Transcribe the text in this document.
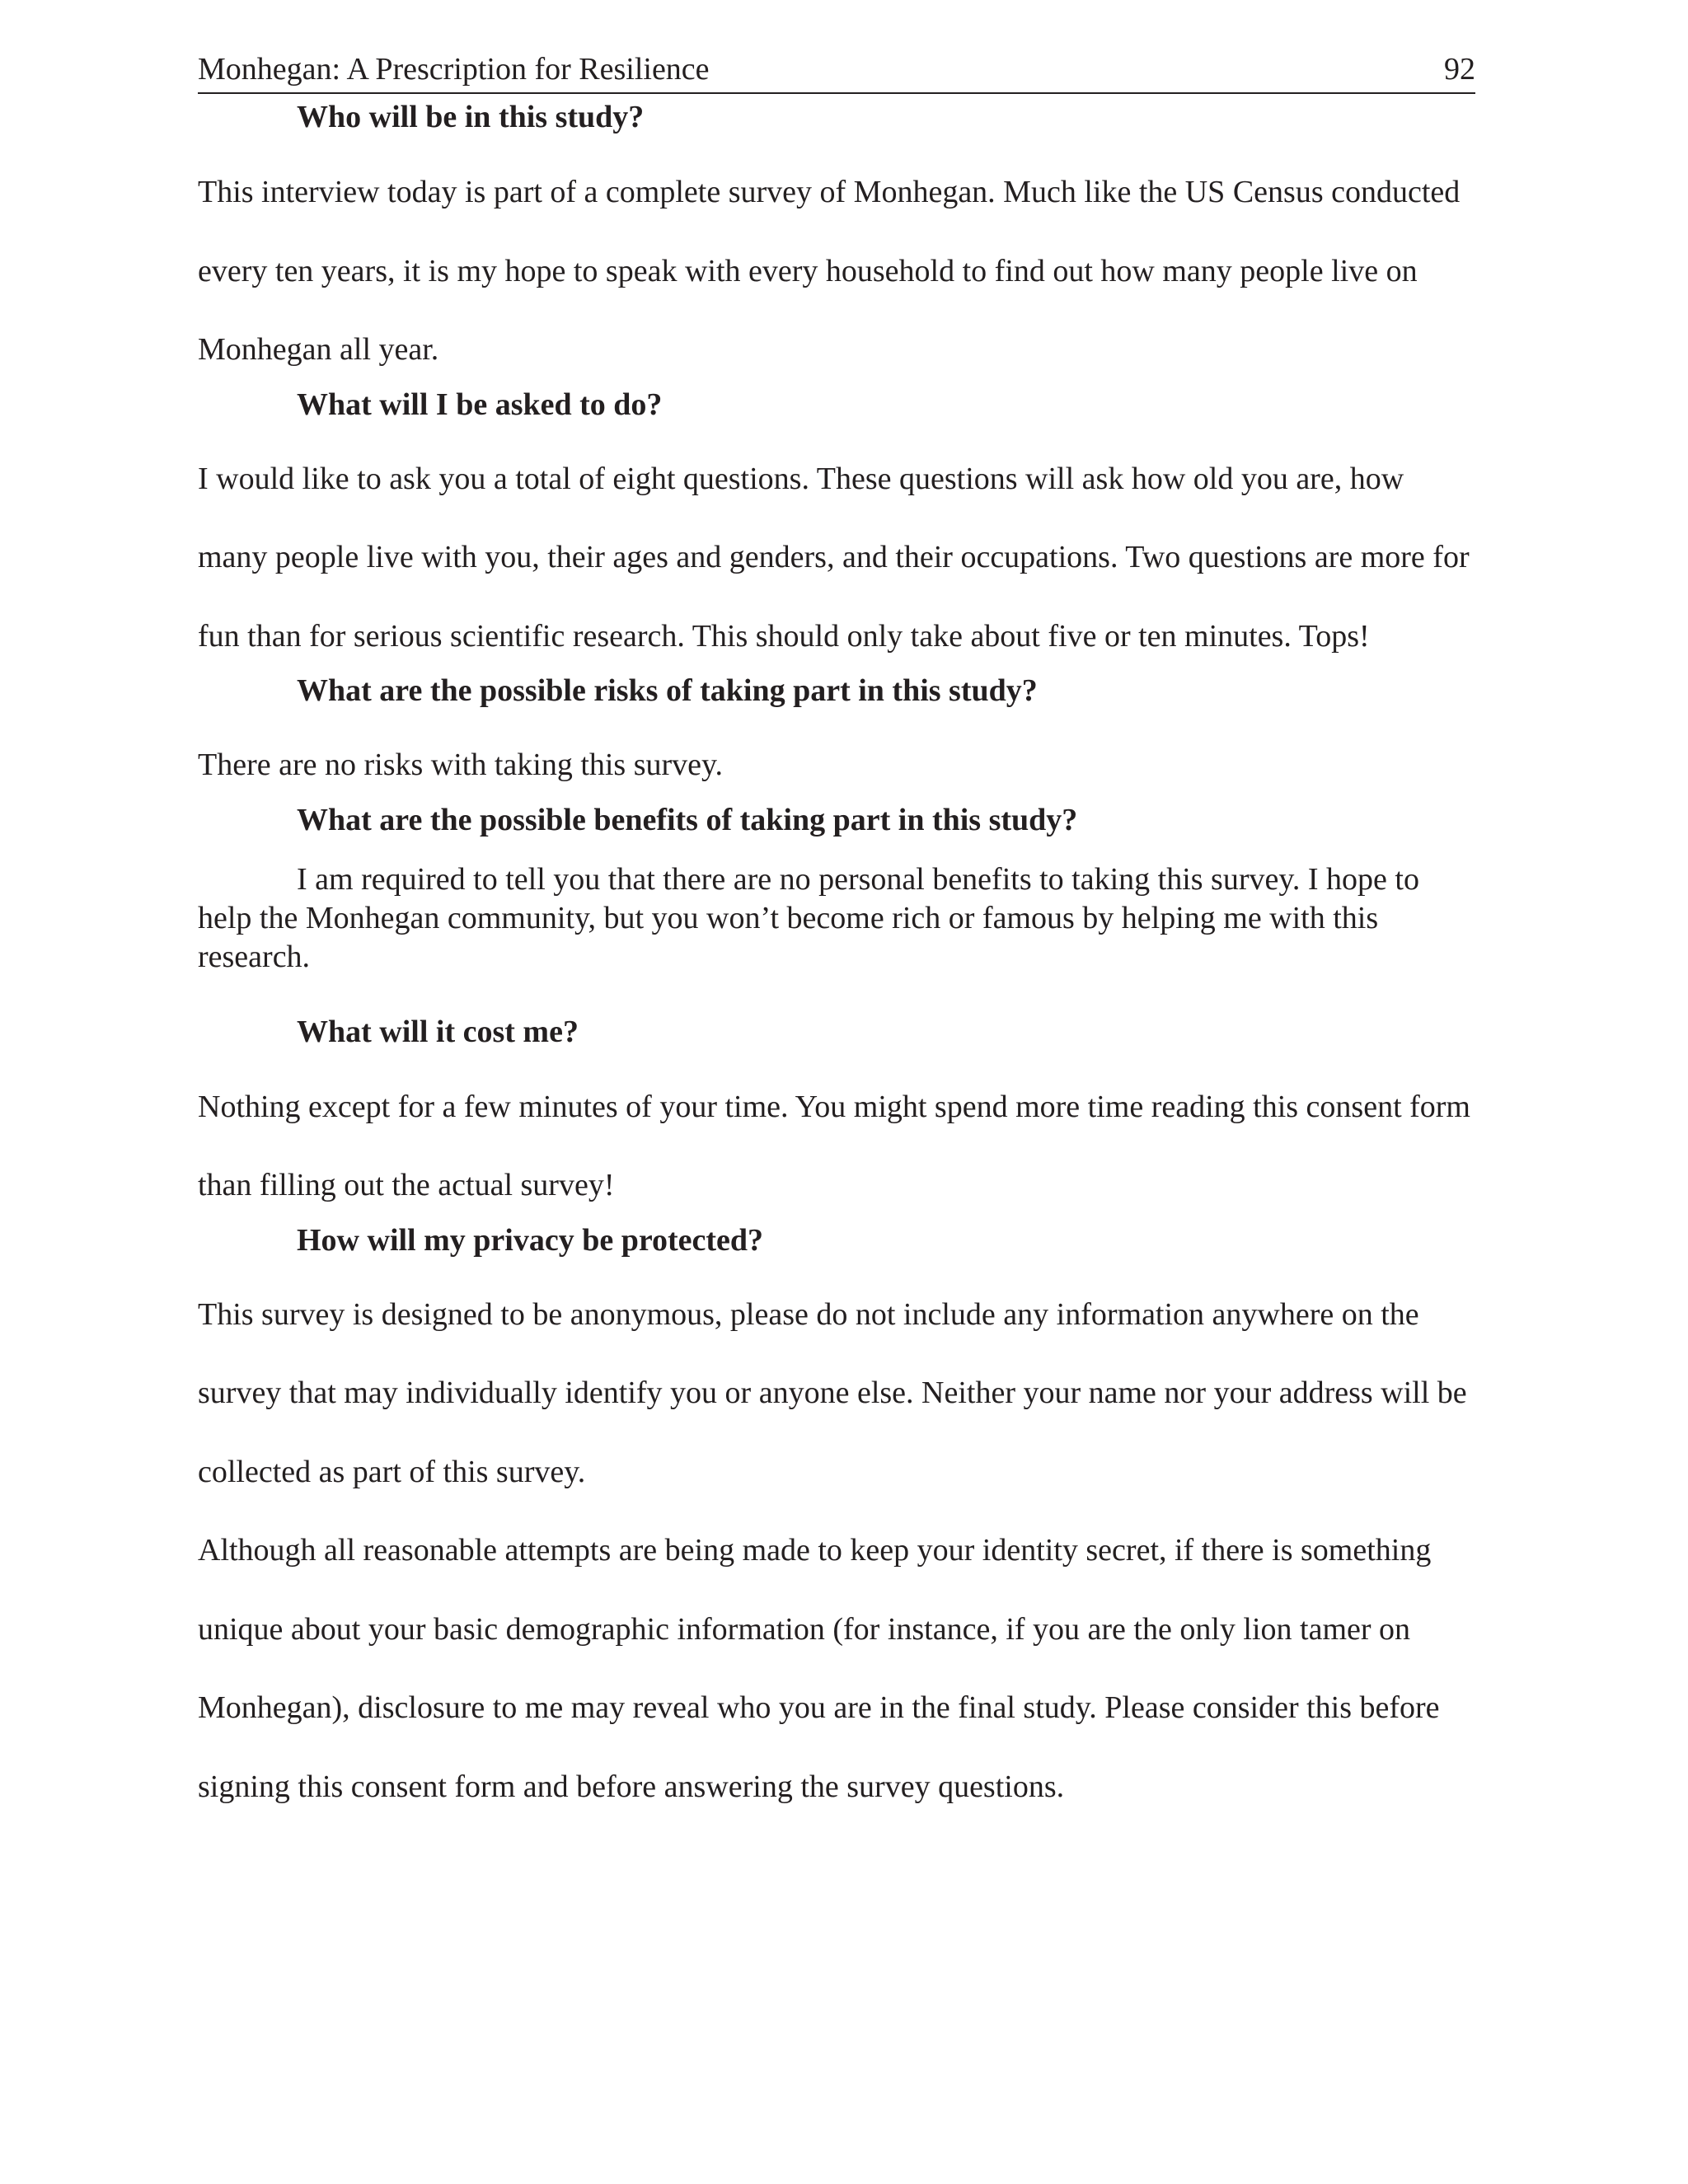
Monhegan: A Prescription for Resilience	92
Who will be in this study?

This interview today is part of a complete survey of Monhegan. Much like the US Census conducted every ten years, it is my hope to speak with every household to find out how many people live on Monhegan all year.

What will I be asked to do?

I would like to ask you a total of eight questions. These questions will ask how old you are, how many people live with you, their ages and genders, and their occupations. Two questions are more for fun than for serious scientific research. This should only take about five or ten minutes. Tops!

What are the possible risks of taking part in this study?

There are no risks with taking this survey.

What are the possible benefits of taking part in this study?

I am required to tell you that there are no personal benefits to taking this survey. I hope to help the Monhegan community, but you won’t become rich or famous by helping me with this research.

What will it cost me?

Nothing except for a few minutes of your time. You might spend more time reading this consent form than filling out the actual survey!

How will my privacy be protected?

This survey is designed to be anonymous, please do not include any information anywhere on the survey that may individually identify you or anyone else. Neither your name nor your address will be collected as part of this survey.

Although all reasonable attempts are being made to keep your identity secret, if there is something unique about your basic demographic information (for instance, if you are the only lion tamer on Monhegan), disclosure to me may reveal who you are in the final study. Please consider this before signing this consent form and before answering the survey questions.
